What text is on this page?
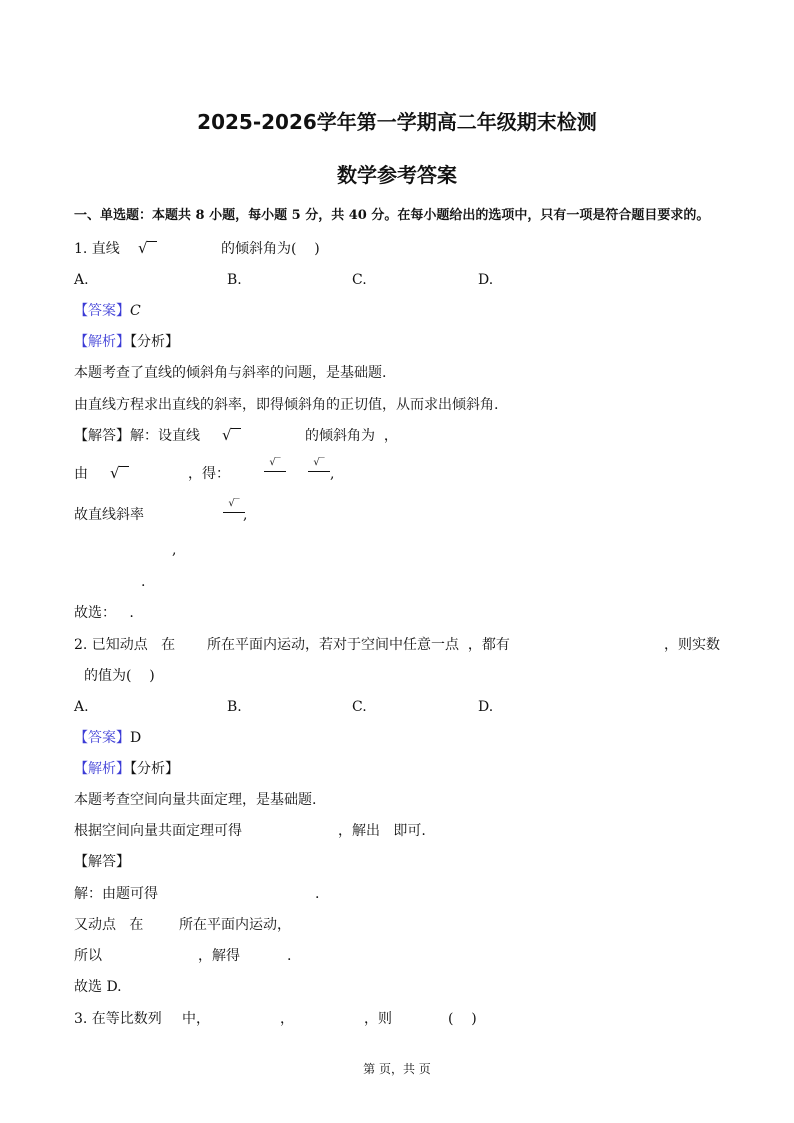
2025-2026学年第一学期高二年级期末检测
数学参考答案
一、单选题：本题共 8 小题，每小题 5 分，共 40 分。在每小题给出的选项中，只有一项是符合题目要求的。
1. 直线 √	的倾斜角为(    )
A.	B.	C.	D.
【答案】C
【解析】【分析】
本题考查了直线的倾斜角与斜率的问题，是基础题.
由直线方程求出直线的斜率，即得倾斜角的正切值，从而求出倾斜角.
【解答】解：设直线 √	的倾斜角为  ，
由 √	，得：
√‾	√‾
,
故直线斜率
√‾
,
,
.
故选：   .
2. 已知动点   在 所在平面内运动，若对于空间中任意一点  ，都有	，则实数
的值为(    )
A.	B.	C.	D.
【答案】D
【解析】【分析】
本题考查空间向量共面定理，是基础题.
根据空间向量共面定理可得	，解出   即可.
【解答】
解：由题可得	.
又动点   在	所在平面内运动，
所以	，解得	.
故选 D.
3. 在等比数列 中，	，	，则	(    )
第 页，共 页
